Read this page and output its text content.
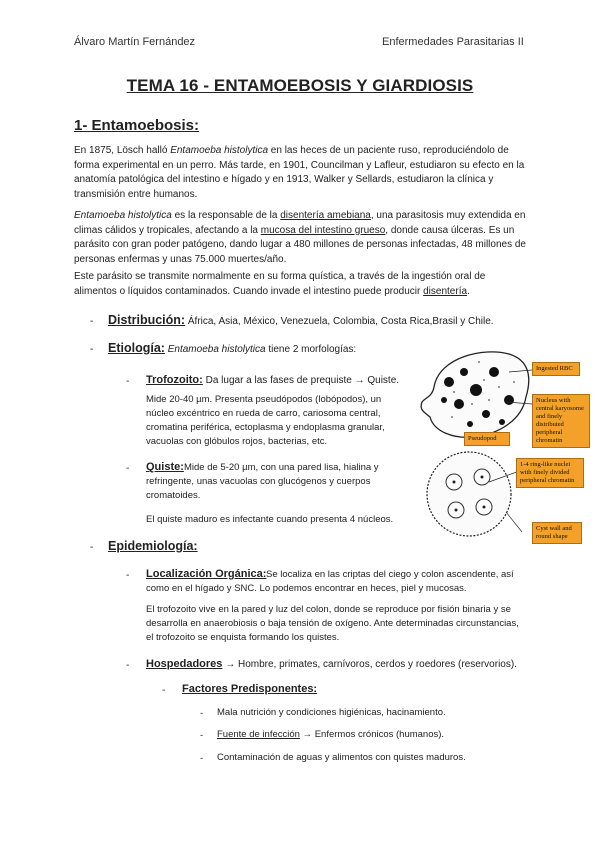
Álvaro Martín Fernández	Enfermedades Parasitarias II
TEMA 16 - ENTAMOEBOSIS Y GIARDIOSIS
1- Entamoebosis:
En 1875, Lösch halló Entamoeba histolytica en las heces de un paciente ruso, reproduciéndolo de forma experimental en un perro. Más tarde, en 1901, Councilman y Lafleur, estudiaron su efecto en la anatomía patológica del intestino e hígado y en 1913, Walker y Sellards, estudiaron la clínica y transmisión entre humanos.
Entamoeba histolytica es la responsable de la disentería amebiana, una parasitosis muy extendida en climas cálidos y tropicales, afectando a la mucosa del intestino grueso, donde causa úlceras. Es un parásito con gran poder patógeno, dando lugar a 480 millones de personas infectadas, 48 millones de personas enfermas y unas 75.000 muertes/año.
Este parásito se transmite normalmente en su forma quística, a través de la ingestión oral de alimentos o líquidos contaminados. Cuando invade el intestino puede producir disentería.
- Distribución: África, Asia, México, Venezuela, Colombia, Costa Rica,Brasil y Chile.
- Etiología: Entamoeba histolytica tiene 2 morfologías:
- Trofozoito: Da lugar a las fases de prequiste → Quiste.
Mide 20-40 µm. Presenta pseudópodos (lobópodos), un núcleo excéntrico en rueda de carro, cariosoma central, cromatina periférica, ectoplasma y endoplasma granular, vacuolas con glóbulos rojos, bacterias, etc.
- Quiste: Mide de 5-20 µm, con una pared lisa, hialina y refringente, unas vacuolas con glucógenos y cuerpos cromatoides.
El quiste maduro es infectante cuando presenta 4 núcleos.
- Epidemiología:
- Localización Orgánica: Se localiza en las criptas del ciego y colon ascendente, así como en el hígado y SNC. Lo podemos encontrar en heces, piel y mucosas.
El trofozoito vive en la pared y luz del colon, donde se reproduce por fisión binaria y se desarrolla en anaerobiosis o baja tensión de oxígeno. Ante determinadas circunstancias, el trofozoito se enquista formando los quistes.
- Hospedadores → Hombre, primates, carnívoros, cerdos y roedores (reservorios).
- Factores Predisponentes:
- Mala nutrición y condiciones higiénicas, hacinamiento.
- Fuente de infección → Enfermos crónicos (humanos).
- Contaminación de aguas y alimentos con quistes maduros.
Ingested RBC
Nucleus with central karyosome and finely distributed peripheral chromatin
Pseudopod
1-4 ring-like nuclei with finely divided peripheral chromatin
Cyst wall and round shape
